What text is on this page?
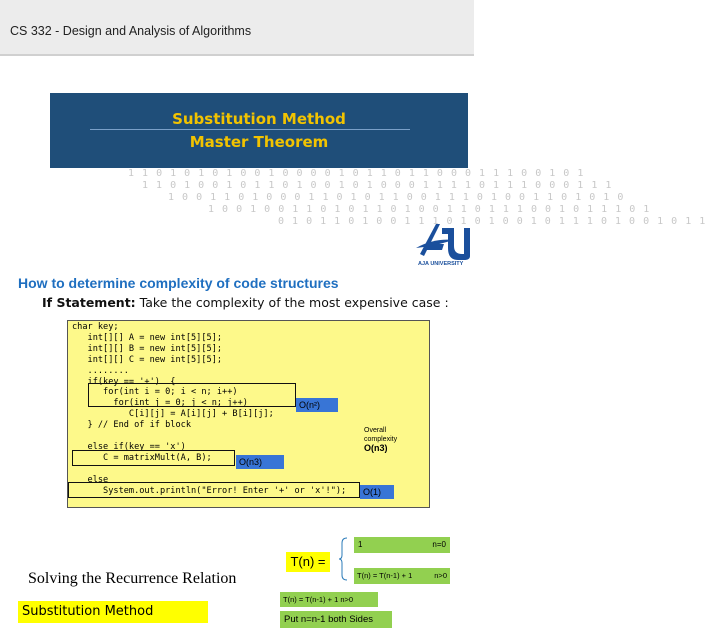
CS 332 - Design and Analysis of Algorithms
Substitution Method
Master Theorem
1 1 0 1 0 1 0 1 0 0 1 0 0 0 0 1 0 1 1 0 1 1 0 0 0 1 1 1 0 0 1 0 1
1 1 0 1 0 0 1 0 1 1 0 1 0 0 1 0 1 0 0 0 1 1 1 1 0 1 1 1 0 0 0 1 1 1
1 0 0 1 1 0 1 0 0 0 1 1 0 1 0 1 1 0 0 1 1 1 0 1 0 0 1 1 0 1 0 1 0
1 0 0 1 0 0 1 1 0 1 0 1 1 0 1 0 0 1 1 0 1 1 1 0 0 1 0 1 1 1 0 1
0 1 0 1 1 0 1 0 0 1 1 1 0 1 0 1 0 0 1 0 1 1 1 0 1 0 0 1 0 1 1
AJA UNIVERSITY
How to determine complexity of code structures
If Statement: Take the complexity of the most expensive case :
char key;
int[][] A = new int[5][5];
int[][] B = new int[5][5];
int[][] C = new int[5][5];
........
if(key == '+')  {
for(int i = 0; i < n; i++)
for(int j = 0; j < n; j++)
C[i][j] = A[i][j] + B[i][j];
} // End of if block

else if(key == 'x')
C = matrixMult(A, B);

else
System.out.println("Error! Enter '+' or 'x'!");
O(n²)
O(n3)
O(1)
Overall
complexity
O(n3)
T(n) =
1	n=0
T(n) = T(n-1) + 1	n>0
Solving the Recurrence Relation
T(n) = T(n-1) + 1 n>0
Put n=n-1 both Sides
Substitution Method
